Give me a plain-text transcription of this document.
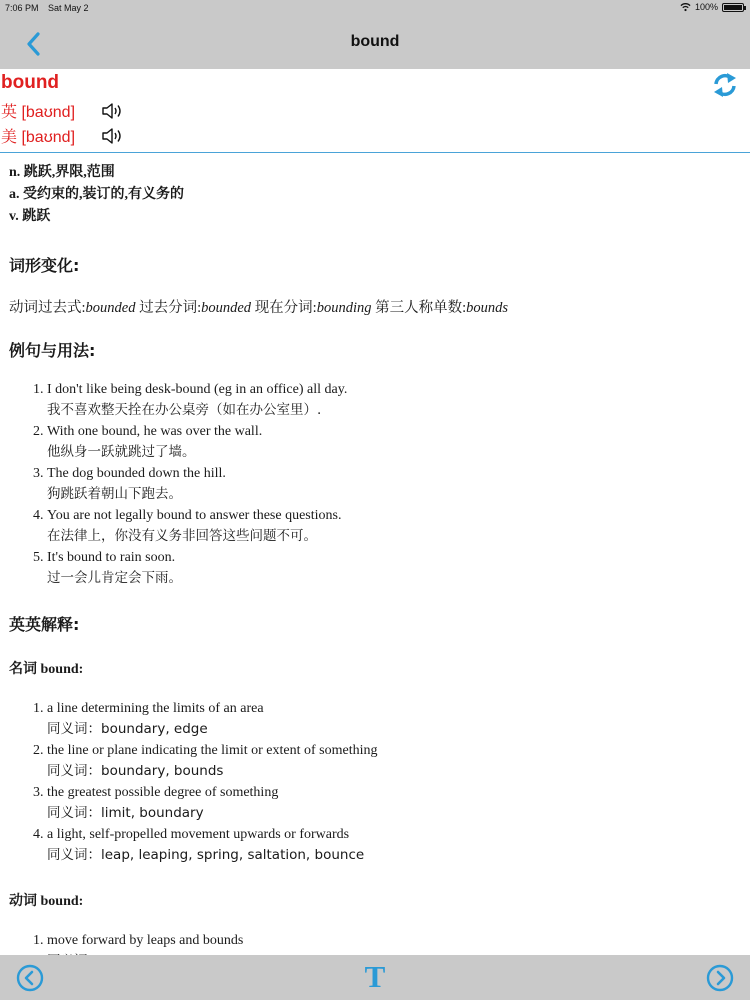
7:06 PM Sat May 2	100%
bound
bound
英 [baʊnd]
美 [baʊnd]
n. 跳跃,界限,范围
a. 受约束的,装订的,有义务的
v. 跳跃
词形变化:
动词过去式:bounded 过去分词:bounded 现在分词:bounding 第三人称单数:bounds
例句与用法:
1. I don't like being desk-bound (eg in an office) all day.
我不喜欢整天拴在办公桌旁（如在办公室里）.
2. With one bound, he was over the wall.
他纵身一跃就跳过了墙。
3. The dog bounded down the hill.
狗跳跃着朝山下跑去。
4. You are not legally bound to answer these questions.
在法律上，你没有义务非回答这些问题不可。
5. It's bound to rain soon.
过一会儿肯定会下雨。
英英解释:
名词 bound:
1. a line determining the limits of an area
同义词：boundary, edge
2. the line or plane indicating the limit or extent of something
同义词：boundary, bounds
3. the greatest possible degree of something
同义词：limit, boundary
4. a light, self-propelled movement upwards or forwards
同义词：leap, leaping, spring, saltation, bounce
动词 bound:
1. move forward by leaps and bounds
T
